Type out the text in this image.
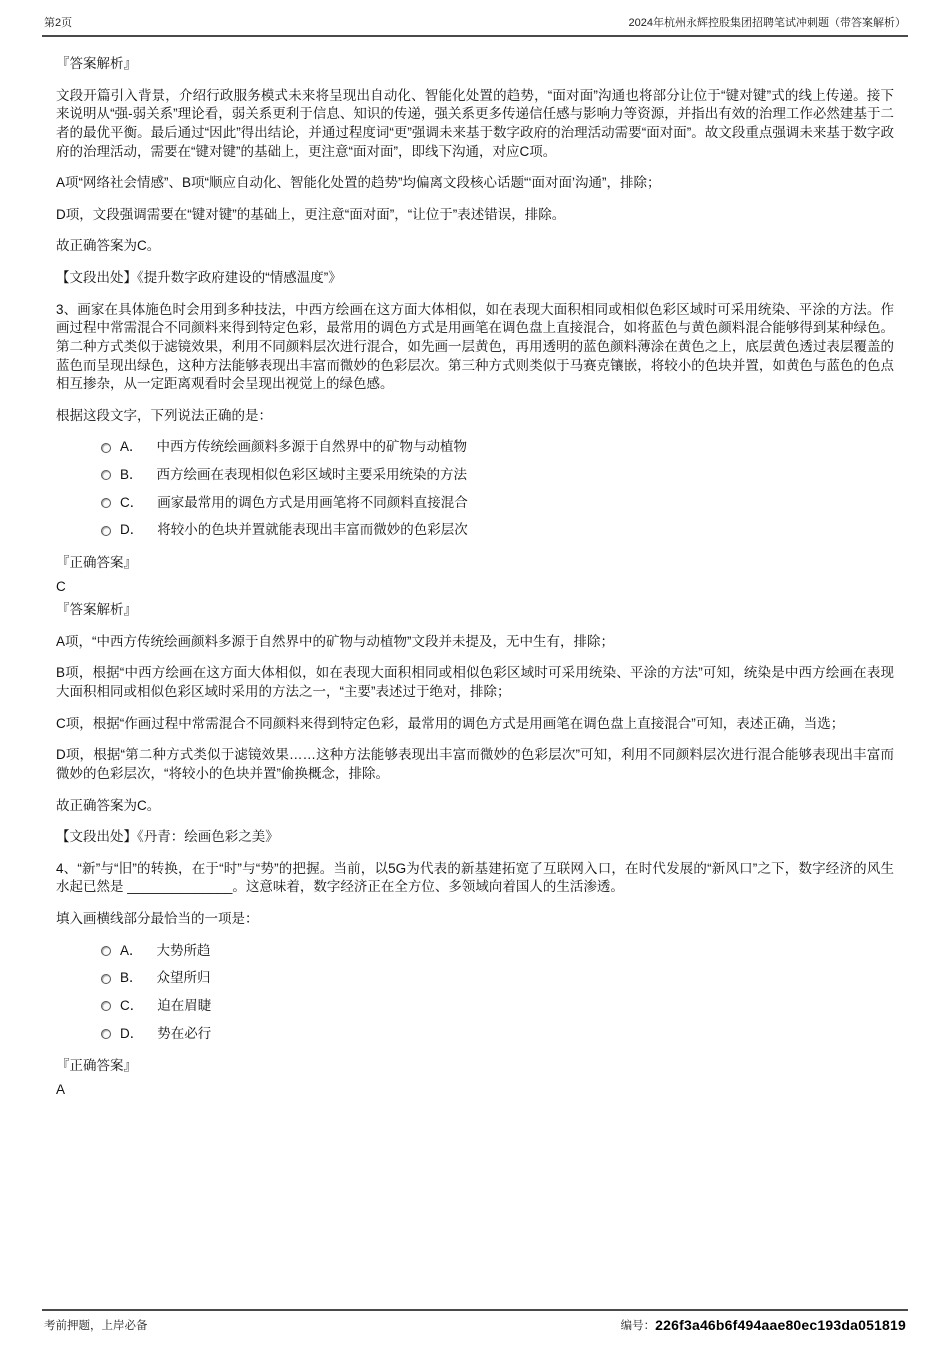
第2页	2024年杭州永辉控股集团招聘笔试冲刺题（带答案解析）

『答案解析』

文段开篇引入背景，介绍行政服务模式未来将呈现出自动化、智能化处置的趋势，“面对面”沟通也将部分让位于“键对键”式的线上传递。接下来说明从“强-弱关系”理论看，弱关系更利于信息、知识的传递，强关系更多传递信任感与影响力等资源，并指出有效的治理工作必然建基于二者的最优平衡。最后通过“因此”得出结论，并通过程度词“更”强调未来基于数字政府的治理活动需要“面对面”。故文段重点强调未来基于数字政府的治理活动，需要在“键对键”的基础上，更注意“面对面”，即线下沟通，对应C项。

A项“网络社会情感”、B项“顺应自动化、智能化处置的趋势”均偏离文段核心话题“‘面对面’沟通”，排除；

D项，文段强调需要在“键对键”的基础上，更注意“面对面”，“让位于”表述错误，排除。

故正确答案为C。

【文段出处】《提升数字政府建设的“情感温度”》

3、画家在具体施色时会用到多种技法，中西方绘画在这方面大体相似，如在表现大面积相同或相似色彩区域时可采用统染、平涂的方法。作画过程中常需混合不同颜料来得到特定色彩，最常用的调色方式是用画笔在调色盘上直接混合，如将蓝色与黄色颜料混合能够得到某种绿色。第二种方式类似于滤镜效果，利用不同颜料层次进行混合，如先画一层黄色，再用透明的蓝色颜料薄涂在黄色之上，底层黄色透过表层覆盖的蓝色而呈现出绿色，这种方法能够表现出丰富而微妙的色彩层次。第三种方式则类似于马赛克镶嵌，将较小的色块并置，如黄色与蓝色的色点相互掺杂，从一定距离观看时会呈现出视觉上的绿色感。

根据这段文字，下列说法正确的是：

A． 中西方传统绘画颜料多源于自然界中的矿物与动植物
B． 西方绘画在表现相似色彩区域时主要采用统染的方法
C． 画家最常用的调色方式是用画笔将不同颜料直接混合
D． 将较小的色块并置就能表现出丰富而微妙的色彩层次

『正确答案』

C

『答案解析』

A项，“中西方传统绘画颜料多源于自然界中的矿物与动植物”文段并未提及，无中生有，排除；

B项，根据“中西方绘画在这方面大体相似，如在表现大面积相同或相似色彩区域时可采用统染、平涂的方法”可知，统染是中西方绘画在表现大面积相同或相似色彩区域时采用的方法之一，“主要”表述过于绝对，排除；

C项，根据“作画过程中常需混合不同颜料来得到特定色彩，最常用的调色方式是用画笔在调色盘上直接混合”可知，表述正确，当选；

D项，根据“第二种方式类似于滤镜效果……这种方法能够表现出丰富而微妙的色彩层次”可知，利用不同颜料层次进行混合能够表现出丰富而微妙的色彩层次，“将较小的色块并置”偷换概念，排除。

故正确答案为C。

【文段出处】《丹青：绘画色彩之美》

4、“新”与“旧”的转换，在于“时”与“势”的把握。当前，以5G为代表的新基建拓宽了互联网入口，在时代发展的“新风口”之下，数字经济的风生水起已然是 ______________。这意味着，数字经济正在全方位、多领域向着国人的生活渗透。

填入画横线部分最恰当的一项是：

A． 大势所趋
B． 众望所归
C． 迫在眉睫
D． 势在必行

『正确答案』

A

考前押题，上岸必备	编号： 226f3a46b6f494aae80ec193da051819
